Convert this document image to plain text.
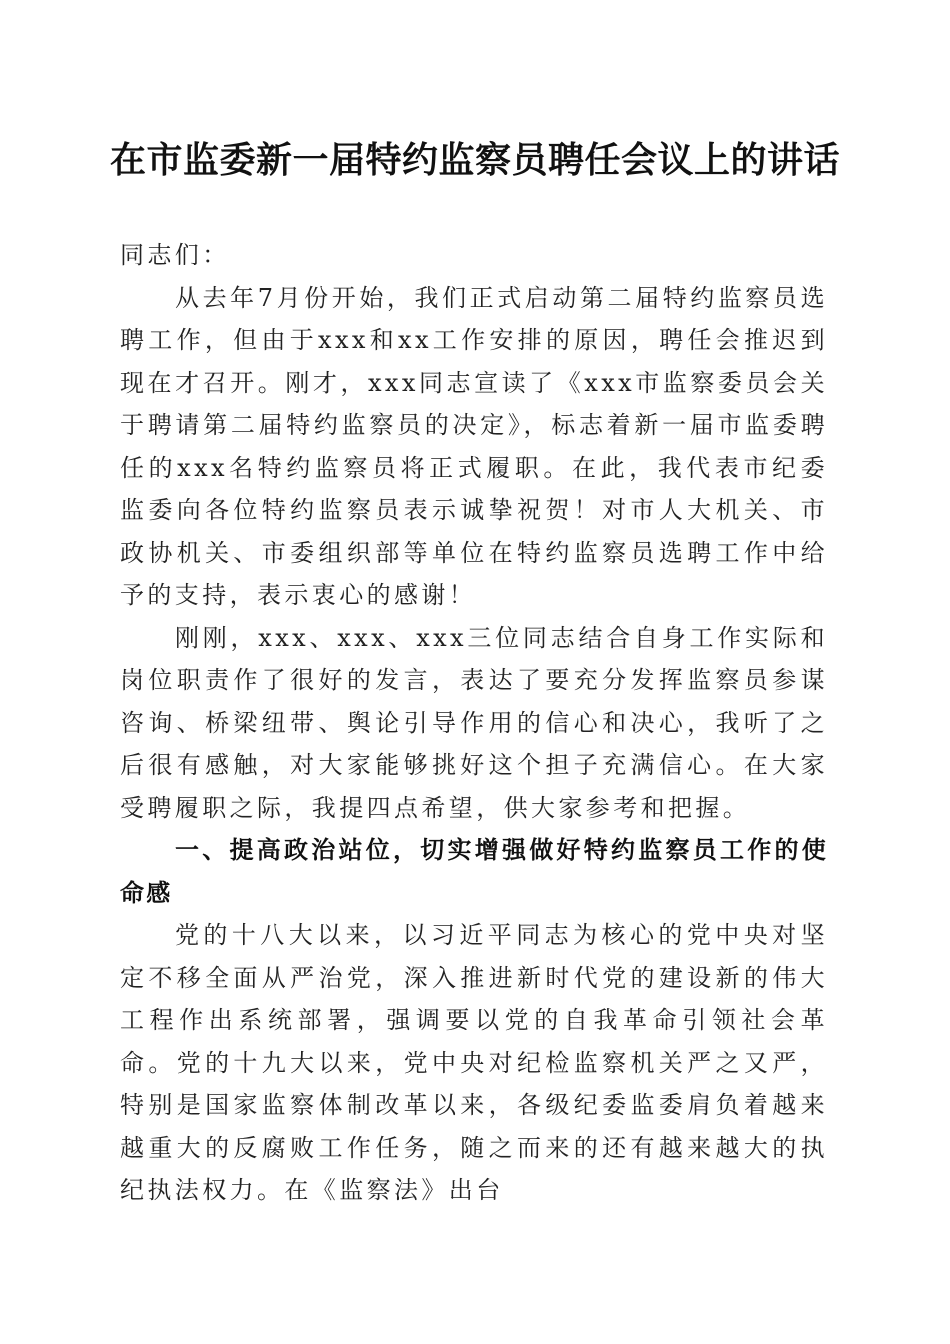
在市监委新一届特约监察员聘任会议上的讲话

同志们：

从去年7月份开始，我们正式启动第二届特约监察员选聘工作，但由于xxx和xx工作安排的原因，聘任会推迟到现在才召开。刚才，xxx同志宣读了《xxx市监察委员会关于聘请第二届特约监察员的决定》，标志着新一届市监委聘任的xxx名特约监察员将正式履职。在此，我代表市纪委监委向各位特约监察员表示诚挚祝贺！对市人大机关、市政协机关、市委组织部等单位在特约监察员选聘工作中给予的支持，表示衷心的感谢！

刚刚，xxx、xxx、xxx三位同志结合自身工作实际和岗位职责作了很好的发言，表达了要充分发挥监察员参谋咨询、桥梁纽带、舆论引导作用的信心和决心，我听了之后很有感触，对大家能够挑好这个担子充满信心。在大家受聘履职之际，我提四点希望，供大家参考和把握。

一、提高政治站位，切实增强做好特约监察员工作的使命感

党的十八大以来，以习近平同志为核心的党中央对坚定不移全面从严治党，深入推进新时代党的建设新的伟大工程作出系统部署，强调要以党的自我革命引领社会革命。党的十九大以来，党中央对纪检监察机关严之又严，特别是国家监察体制改革以来，各级纪委监委肩负着越来越重大的反腐败工作任务，随之而来的还有越来越大的执纪执法权力。在《监察法》出台
